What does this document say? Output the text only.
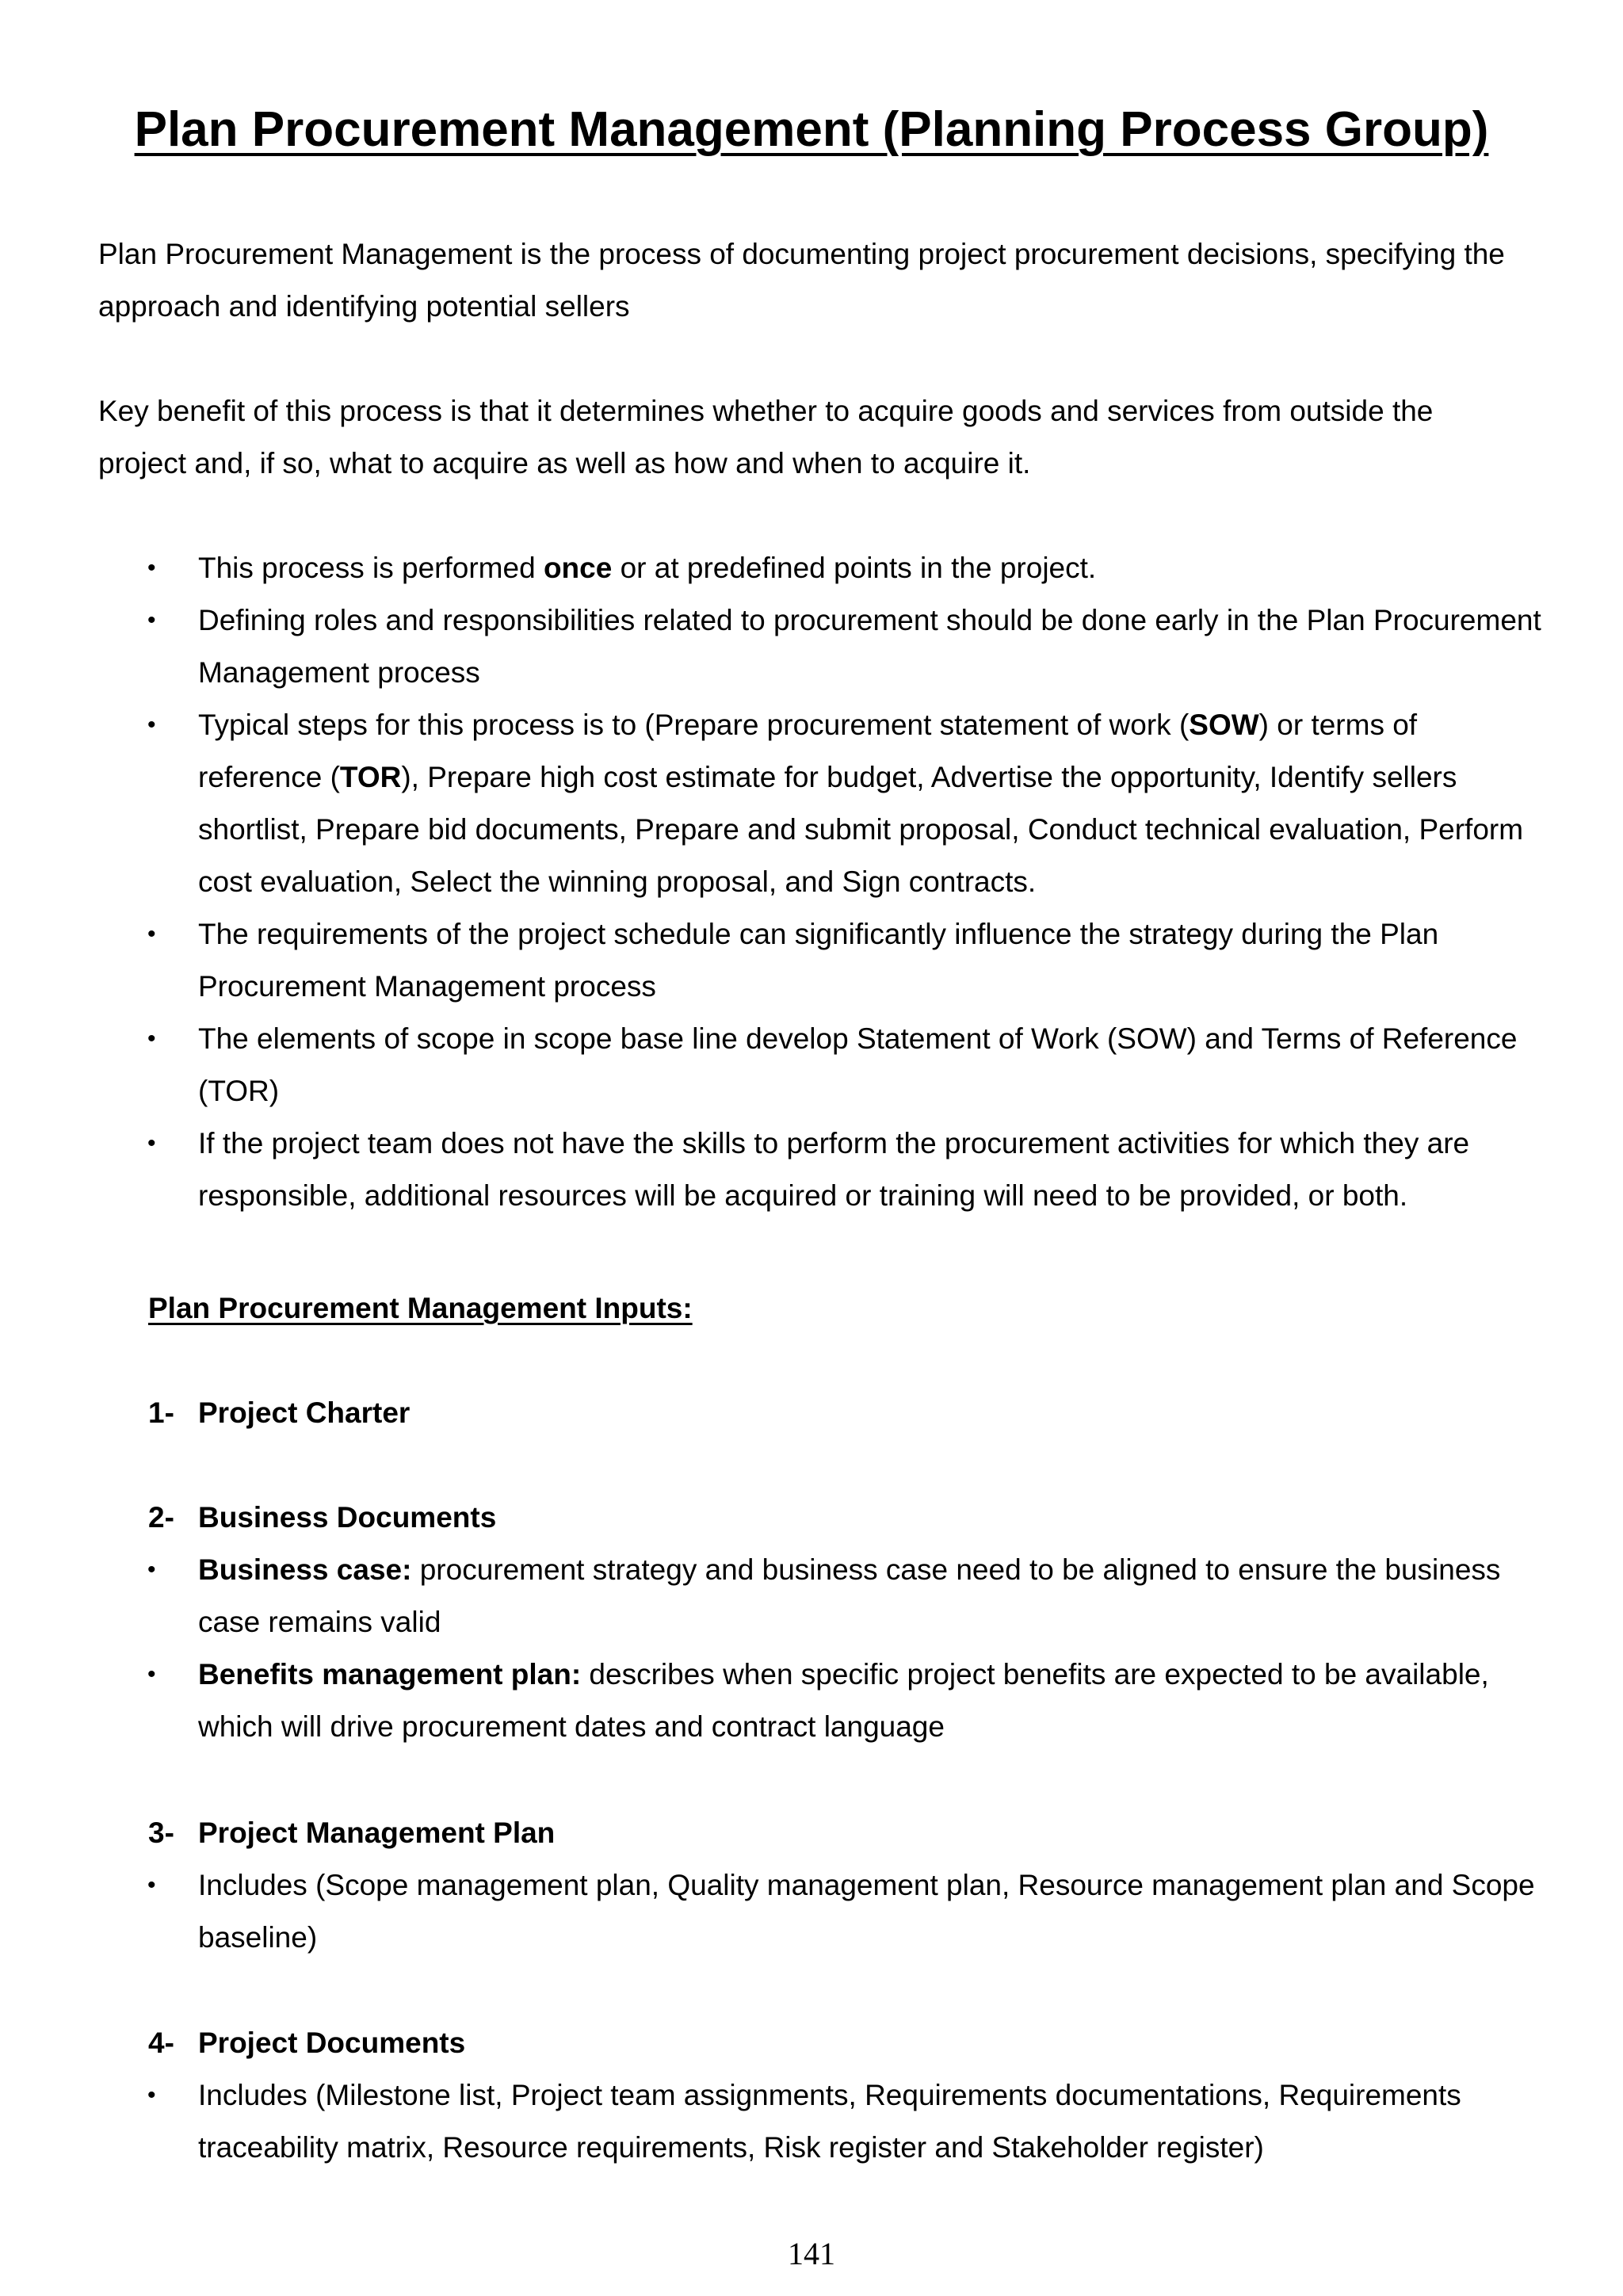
Plan Procurement Management (Planning Process Group)

Plan Procurement Management is the process of documenting project procurement decisions, specifying the approach and identifying potential sellers

Key benefit of this process is that it determines whether to acquire goods and services from outside the project and, if so, what to acquire as well as how and when to acquire it.

• This process is performed once or at predefined points in the project.
• Defining roles and responsibilities related to procurement should be done early in the Plan Procurement Management process
• Typical steps for this process is to (Prepare procurement statement of work (SOW) or terms of reference (TOR), Prepare high cost estimate for budget, Advertise the opportunity, Identify sellers shortlist, Prepare bid documents, Prepare and submit proposal, Conduct technical evaluation, Perform cost evaluation, Select the winning proposal, and Sign contracts.
• The requirements of the project schedule can significantly influence the strategy during the Plan Procurement Management process
• The elements of scope in scope base line develop Statement of Work (SOW) and Terms of Reference (TOR)
• If the project team does not have the skills to perform the procurement activities for which they are responsible, additional resources will be acquired or training will need to be provided, or both.
Plan Procurement Management Inputs:
1- Project Charter
2- Business Documents
• Business case: procurement strategy and business case need to be aligned to ensure the business case remains valid
• Benefits management plan: describes when specific project benefits are expected to be available, which will drive procurement dates and contract language
3- Project Management Plan
• Includes (Scope management plan, Quality management plan, Resource management plan and Scope baseline)
4- Project Documents
• Includes (Milestone list, Project team assignments, Requirements documentations, Requirements traceability matrix, Resource requirements, Risk register and Stakeholder register)
141
